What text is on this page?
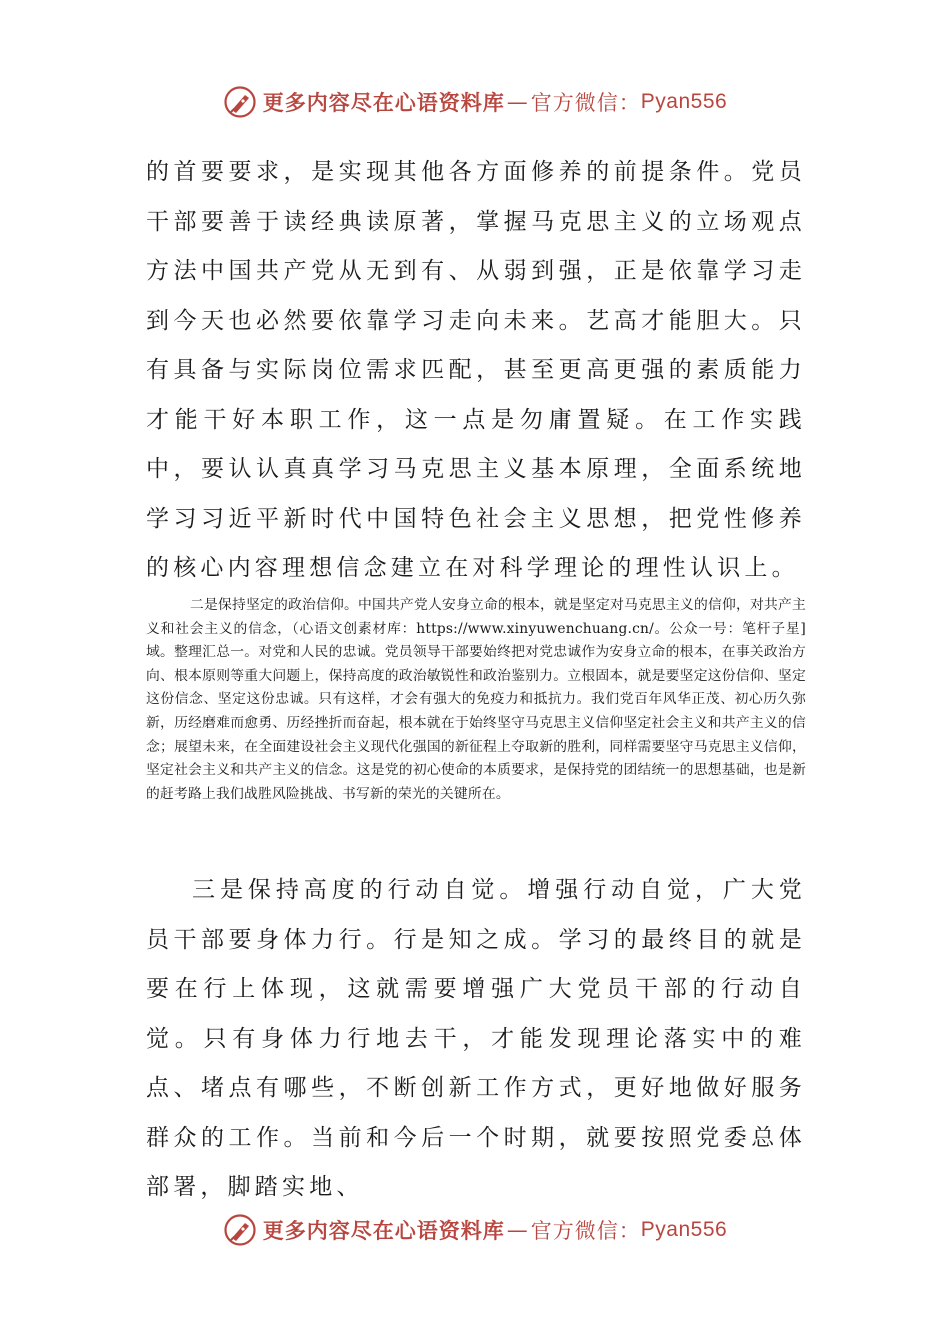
更多内容尽在心语资料库 — 官方微信： Pyan556

的首要要求，是实现其他各方面修养的前提条件。党员干部要善于读经典读原著，掌握马克思主义的立场观点方法中国共产党从无到有、从弱到强，正是依靠学习走到今天也必然要依靠学习走向未来。艺高才能胆大。只有具备与实际岗位需求匹配，甚至更高更强的素质能力才能干好本职工作，这一点是勿庸置疑。在工作实践中，要认认真真学习马克思主义基本原理，全面系统地学习习近平新时代中国特色社会主义思想，把党性修养的核心内容理想信念建立在对科学理论的理性认识上。

二是保持坚定的政治信仰。中国共产党人安身立命的根本，就是坚定对马克思主义的信仰，对共产主义和社会主义的信念，（心语文创素材库：https://www.xinyuwenchuang.cn/。公众一号：笔杆子星]域。整理汇总一。对党和人民的忠诚。党员领导干部要始终把对党忠诚作为安身立命的根本，在事关政治方向、根本原则等重大问题上，保持高度的政治敏锐性和政治鉴别力。立根固本，就是要坚定这份信仰、坚定这份信念、坚定这份忠诚。只有这样，才会有强大的免疫力和抵抗力。我们党百年风华正茂、初心历久弥新，历经磨难而愈勇、历经挫折而奋起，根本就在于始终坚守马克思主义信仰坚定社会主义和共产主义的信念；展望未来，在全面建设社会主义现代化强国的新征程上夺取新的胜利，同样需要坚守马克思主义信仰，坚定社会主义和共产主义的信念。这是党的初心使命的本质要求，是保持党的团结统一的思想基础，也是新的赶考路上我们战胜风险挑战、书写新的荣光的关键所在。

三是保持高度的行动自觉。增强行动自觉，广大党员干部要身体力行。行是知之成。学习的最终目的就是要在行上体现，这就需要增强广大党员干部的行动自觉。只有身体力行地去干，才能发现理论落实中的难点、堵点有哪些，不断创新工作方式，更好地做好服务群众的工作。当前和今后一个时期，就要按照党委总体部署，脚踏实地、

更多内容尽在心语资料库 — 官方微信： Pyan556
